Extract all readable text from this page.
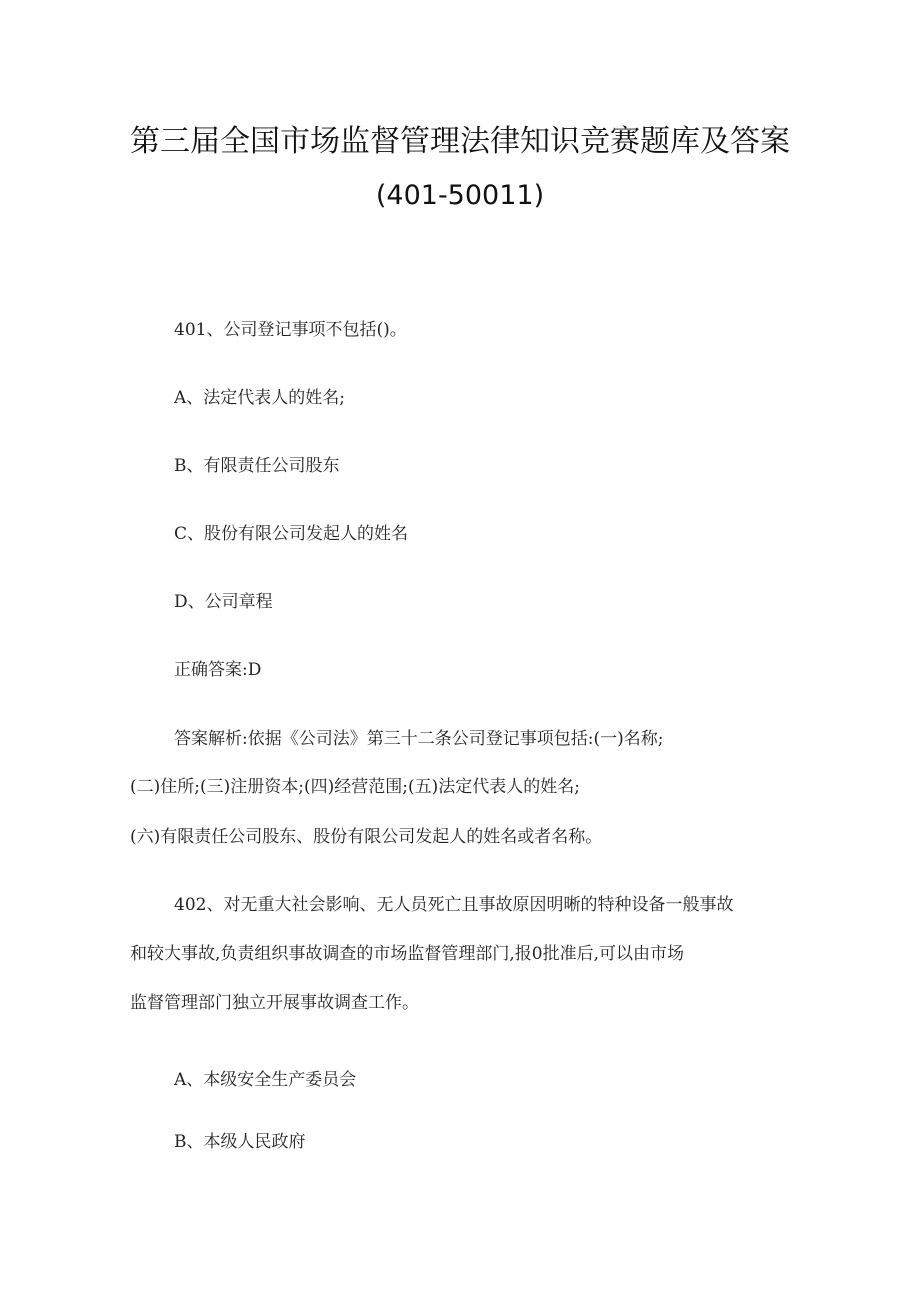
第三届全国市场监督管理法律知识竞赛题库及答案
(401-50011)
401、公司登记事项不包括()。
A、法定代表人的姓名;
B、有限责任公司股东
C、股份有限公司发起人的姓名
D、公司章程
正确答案:D
答案解析:依据《公司法》第三十二条公司登记事项包括:(一)名称;
(二)住所;(三)注册资本;(四)经营范围;(五)法定代表人的姓名;
(六)有限责任公司股东、股份有限公司发起人的姓名或者名称。
402、对无重大社会影响、无人员死亡且事故原因明晰的特种设备一般事故
和较大事故,负责组织事故调查的市场监督管理部门,报0批准后,可以由市场
监督管理部门独立开展事故调查工作。
A、本级安全生产委员会
B、本级人民政府
